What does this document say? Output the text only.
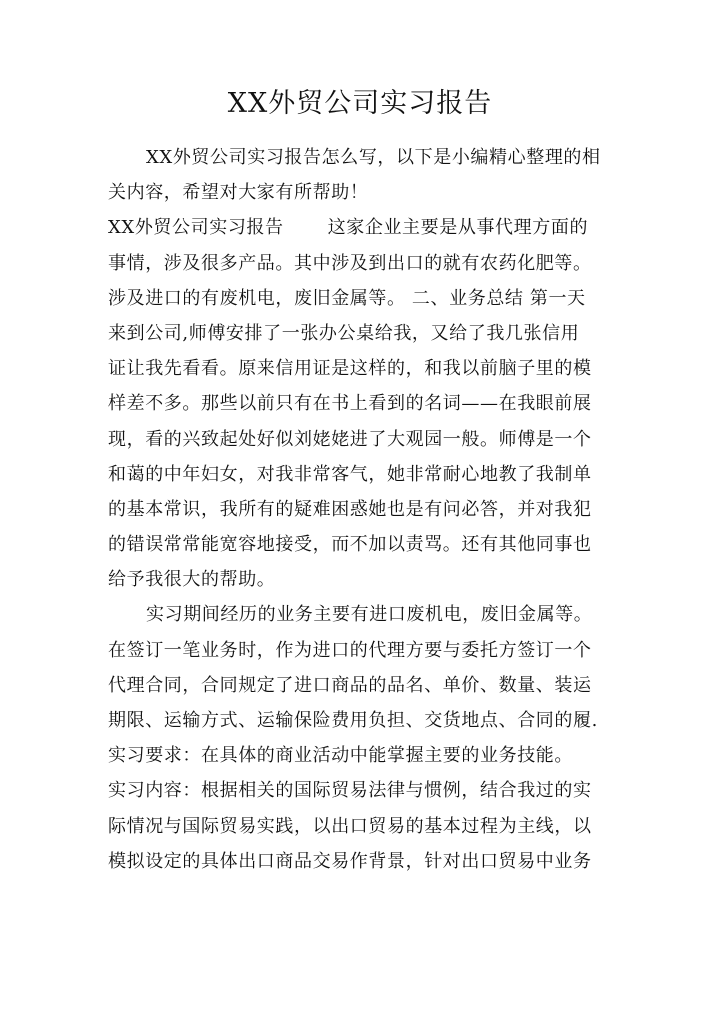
XX外贸公司实习报告
XX外贸公司实习报告怎么写，以下是小编精心整理的相
关内容，希望对大家有所帮助！
XX外贸公司实习报告 这家企业主要是从事代理方面的
事情，涉及很多产品。其中涉及到出口的就有农药化肥等。
涉及进口的有废机电，废旧金属等。 二、业务总结 第一天
来到公司,师傅安排了一张办公桌给我，又给了我几张信用
证让我先看看。原来信用证是这样的，和我以前脑子里的模
样差不多。那些以前只有在书上看到的名词——在我眼前展
现，看的兴致起处好似刘姥姥进了大观园一般。师傅是一个
和蔼的中年妇女，对我非常客气，她非常耐心地教了我制单
的基本常识，我所有的疑难困惑她也是有问必答，并对我犯
的错误常常能宽容地接受，而不加以责骂。还有其他同事也
给予我很大的帮助。
实习期间经历的业务主要有进口废机电，废旧金属等。
在签订一笔业务时，作为进口的代理方要与委托方签订一个
代理合同，合同规定了进口商品的品名、单价、数量、装运
期限、运输方式、运输保险费用负担、交货地点、合同的履.
实习要求：在具体的商业活动中能掌握主要的业务技能。
实习内容：根据相关的国际贸易法律与惯例，结合我过的实
际情况与国际贸易实践，以出口贸易的基本过程为主线，以
模拟设定的具体出口商品交易作背景，针对出口贸易中业务
